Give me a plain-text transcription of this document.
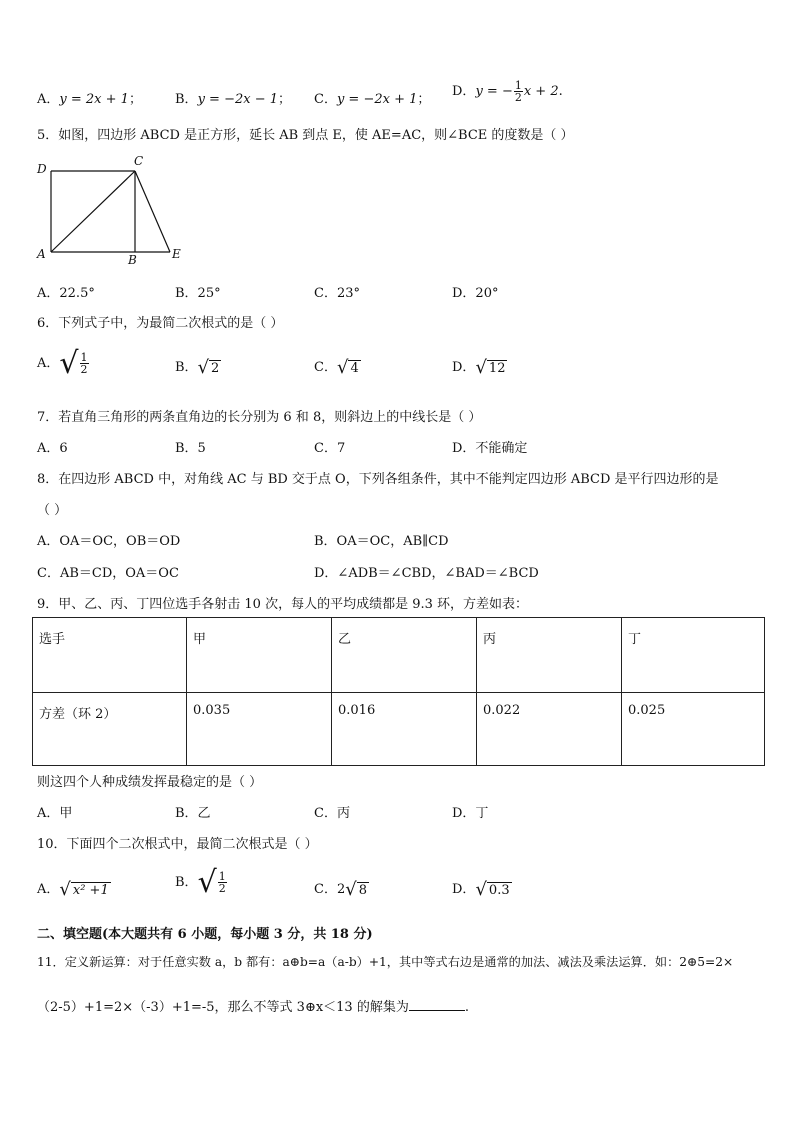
A．y = 2x + 1；	B．y = −2x − 1； C．y = −2x + 1；
D．y = − $\frac{1}{2}$ x + 2.
5．如图，四边形 ABCD 是正方形，延长 AB 到点 E，使 AE=AC，则∠BCE 的度数是（ ）
D
C
A	B	E
A．22.5°	B．25°	C．23°	D．20°
6．下列式子中，为最简二次根式的是（ ）
A．√ $\frac{1}{2}$	B．√ 2	C．√ 4	D．√ 12
7．若直角三角形的两条直角边的长分别为 6 和 8，则斜边上的中线长是（ ）
A．6	B．5	C．7	D．不能确定
8．在四边形 ABCD 中，对角线 AC 与 BD 交于点 O，下列各组条件，其中不能判定四边形 ABCD 是平行四边形的是
（ ）
A．OA＝OC，OB＝OD	B．OA＝OC，AB∥CD
C．AB＝CD，OA＝OC	D．∠ADB＝∠CBD，∠BAD＝∠BCD
9．甲、乙、丙、丁四位选手各射击 10 次，每人的平均成绩都是 9.3 环，方差如表：
选手	甲	乙	丙	丁
方差（环 2）	0.035	0.016	0.022	0.025
则这四个人种成绩发挥最稳定的是（ ）
A．甲	B．乙	C．丙	D．丁
10．下面四个二次根式中，最简二次根式是（ ）
A．√ x² +1	B．√ $\frac{1}{2}$	C．2√ 8	D．√ 0.3
二、填空题(本大题共有 6 小题，每小题 3 分，共 18 分)
11．定义新运算：对于任意实数 a，b 都有：a⊕b=a（a-b）+1，其中等式右边是通常的加法、减法及乘法运算．如：2⊕5=2×
（2-5）+1=2×（-3）+1=-5，那么不等式 3⊕x＜13 的解集为	.
